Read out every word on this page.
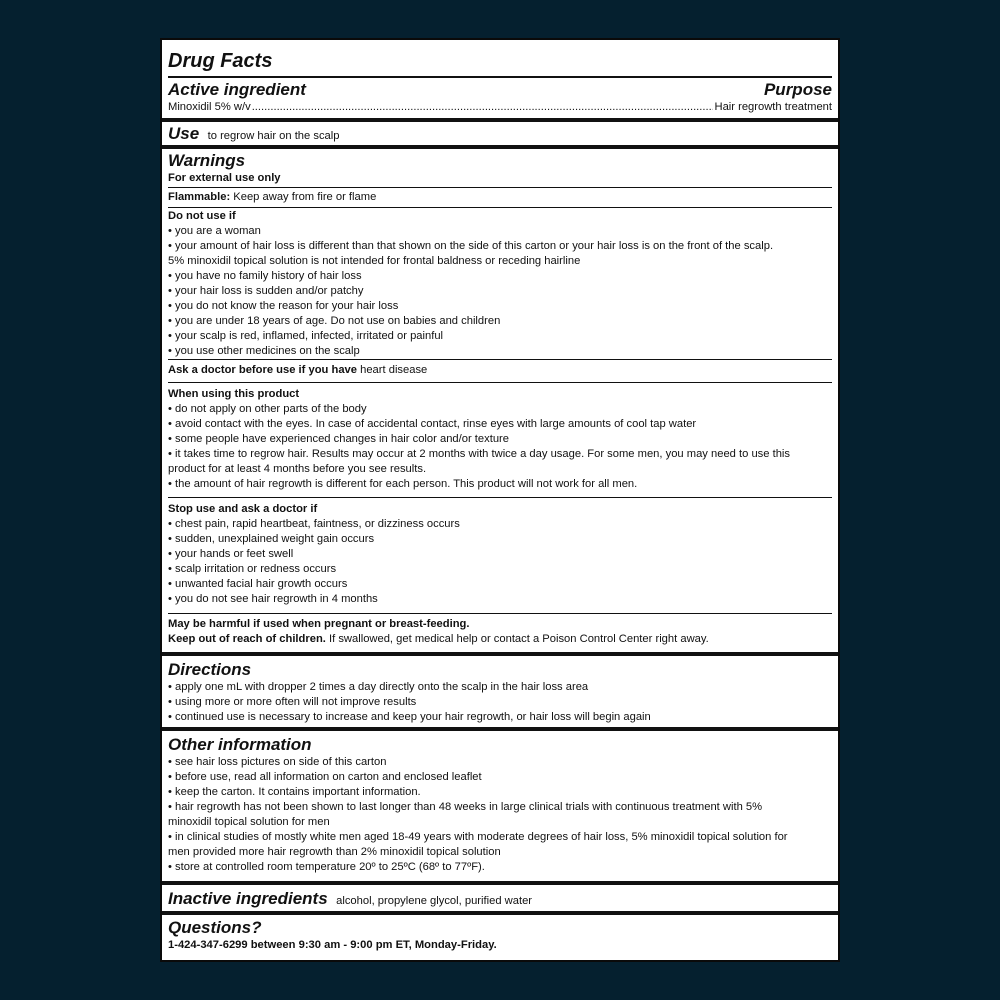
Drug Facts
Active ingredient	Purpose
Minoxidil 5% w/v
.....	Hair regrowth treatment
Use to regrow hair on the scalp
Warnings
For external use only
Flammable: Keep away from fire or flame
Do not use if
• you are a woman
• your amount of hair loss is different than that shown on the side of this carton or your hair loss is on the front of the scalp.
5% minoxidil topical solution is not intended for frontal baldness or receding hairline
• you have no family history of hair loss
• your hair loss is sudden and/or patchy
• you do not know the reason for your hair loss
• you are under 18 years of age. Do not use on babies and children
• your scalp is red, inflamed, infected, irritated or painful
• you use other medicines on the scalp
Ask a doctor before use if you have heart disease
When using this product
• do not apply on other parts of the body
• avoid contact with the eyes. In case of accidental contact, rinse eyes with large amounts of cool tap water
• some people have experienced changes in hair color and/or texture
• it takes time to regrow hair. Results may occur at 2 months with twice a day usage. For some men, you may need to use this
product for at least 4 months before you see results.
• the amount of hair regrowth is different for each person. This product will not work for all men.
Stop use and ask a doctor if
• chest pain, rapid heartbeat, faintness, or dizziness occurs
• sudden, unexplained weight gain occurs
• your hands or feet swell
• scalp irritation or redness occurs
• unwanted facial hair growth occurs
• you do not see hair regrowth in 4 months
May be harmful if used when pregnant or breast-feeding.
Keep out of reach of children. If swallowed, get medical help or contact a Poison Control Center right away.
Directions
• apply one mL with dropper 2 times a day directly onto the scalp in the hair loss area
• using more or more often will not improve results
• continued use is necessary to increase and keep your hair regrowth, or hair loss will begin again
Other information
• see hair loss pictures on side of this carton
• before use, read all information on carton and enclosed leaflet
• keep the carton. It contains important information.
• hair regrowth has not been shown to last longer than 48 weeks in large clinical trials with continuous treatment with 5%
minoxidil topical solution for men
• in clinical studies of mostly white men aged 18-49 years with moderate degrees of hair loss, 5% minoxidil topical solution for
men provided more hair regrowth than 2% minoxidil topical solution
• store at controlled room temperature 20º to 25ºC (68º to 77ºF).
Inactive ingredients alcohol, propylene glycol, purified water
Questions?
1-424-347-6299 between 9:30 am - 9:00 pm ET, Monday-Friday.
